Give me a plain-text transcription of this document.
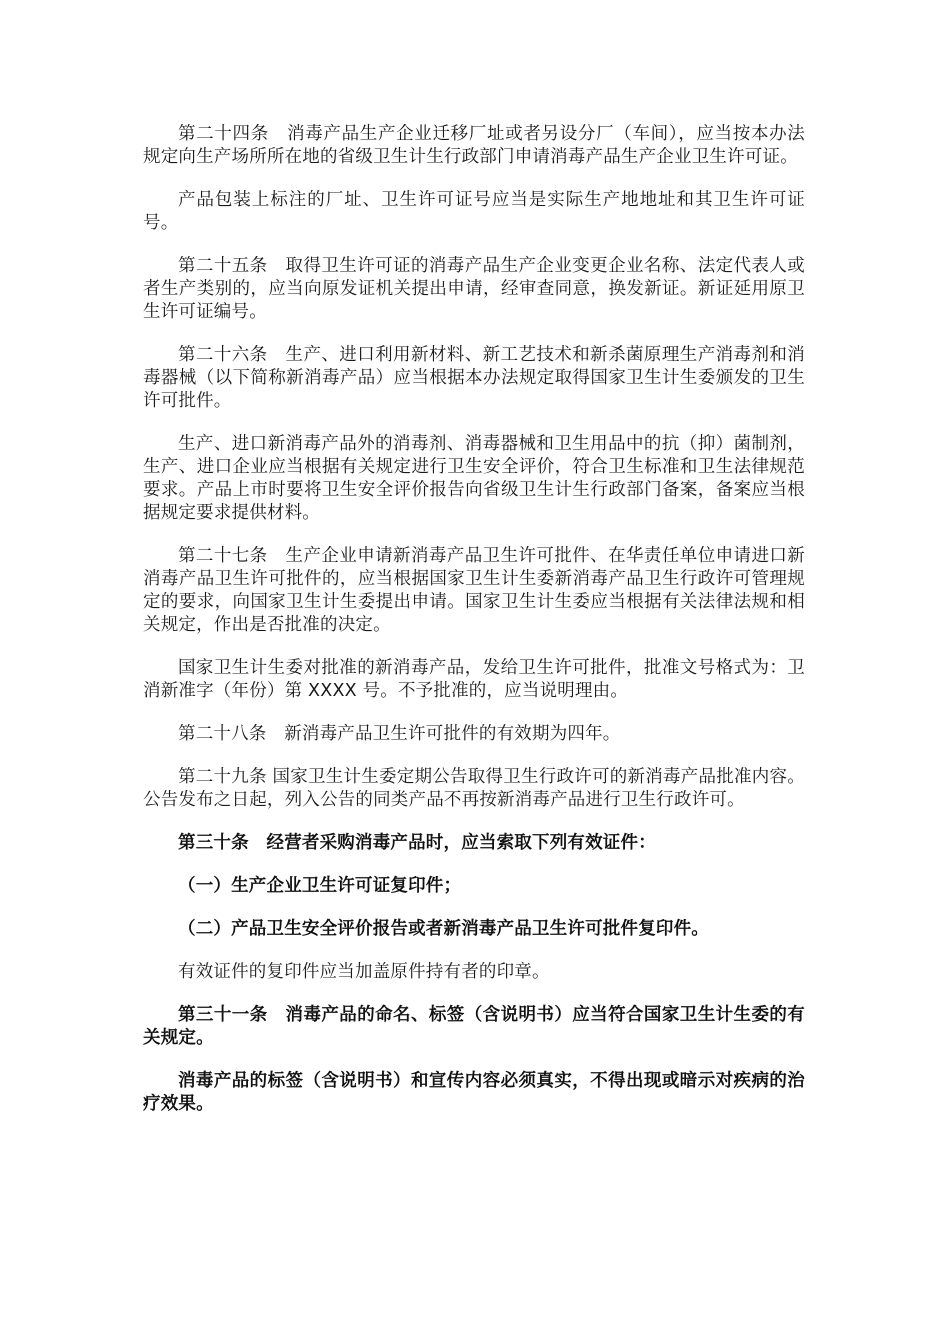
第二十四条　消毒产品生产企业迁移厂址或者另设分厂（车间），应当按本办法规定向生产场所所在地的省级卫生计生行政部门申请消毒产品生产企业卫生许可证。

产品包装上标注的厂址、卫生许可证号应当是实际生产地地址和其卫生许可证号。

第二十五条　取得卫生许可证的消毒产品生产企业变更企业名称、法定代表人或者生产类别的，应当向原发证机关提出申请，经审查同意，换发新证。新证延用原卫生许可证编号。

第二十六条　生产、进口利用新材料、新工艺技术和新杀菌原理生产消毒剂和消毒器械（以下简称新消毒产品）应当根据本办法规定取得国家卫生计生委颁发的卫生许可批件。

生产、进口新消毒产品外的消毒剂、消毒器械和卫生用品中的抗（抑）菌制剂，生产、进口企业应当根据有关规定进行卫生安全评价，符合卫生标准和卫生法律规范要求。产品上市时要将卫生安全评价报告向省级卫生计生行政部门备案，备案应当根据规定要求提供材料。

第二十七条　生产企业申请新消毒产品卫生许可批件、在华责任单位申请进口新消毒产品卫生许可批件的，应当根据国家卫生计生委新消毒产品卫生行政许可管理规定的要求，向国家卫生计生委提出申请。国家卫生计生委应当根据有关法律法规和相关规定，作出是否批准的决定。

国家卫生计生委对批准的新消毒产品，发给卫生许可批件，批准文号格式为：卫消新准字（年份）第 XXXX 号。不予批准的，应当说明理由。

第二十八条　新消毒产品卫生许可批件的有效期为四年。

第二十九条 国家卫生计生委定期公告取得卫生行政许可的新消毒产品批准内容。公告发布之日起，列入公告的同类产品不再按新消毒产品进行卫生行政许可。

第三十条　经营者采购消毒产品时，应当索取下列有效证件：

（一）生产企业卫生许可证复印件；

（二）产品卫生安全评价报告或者新消毒产品卫生许可批件复印件。

有效证件的复印件应当加盖原件持有者的印章。

第三十一条　消毒产品的命名、标签（含说明书）应当符合国家卫生计生委的有关规定。

消毒产品的标签（含说明书）和宣传内容必须真实，不得出现或暗示对疾病的治疗效果。
